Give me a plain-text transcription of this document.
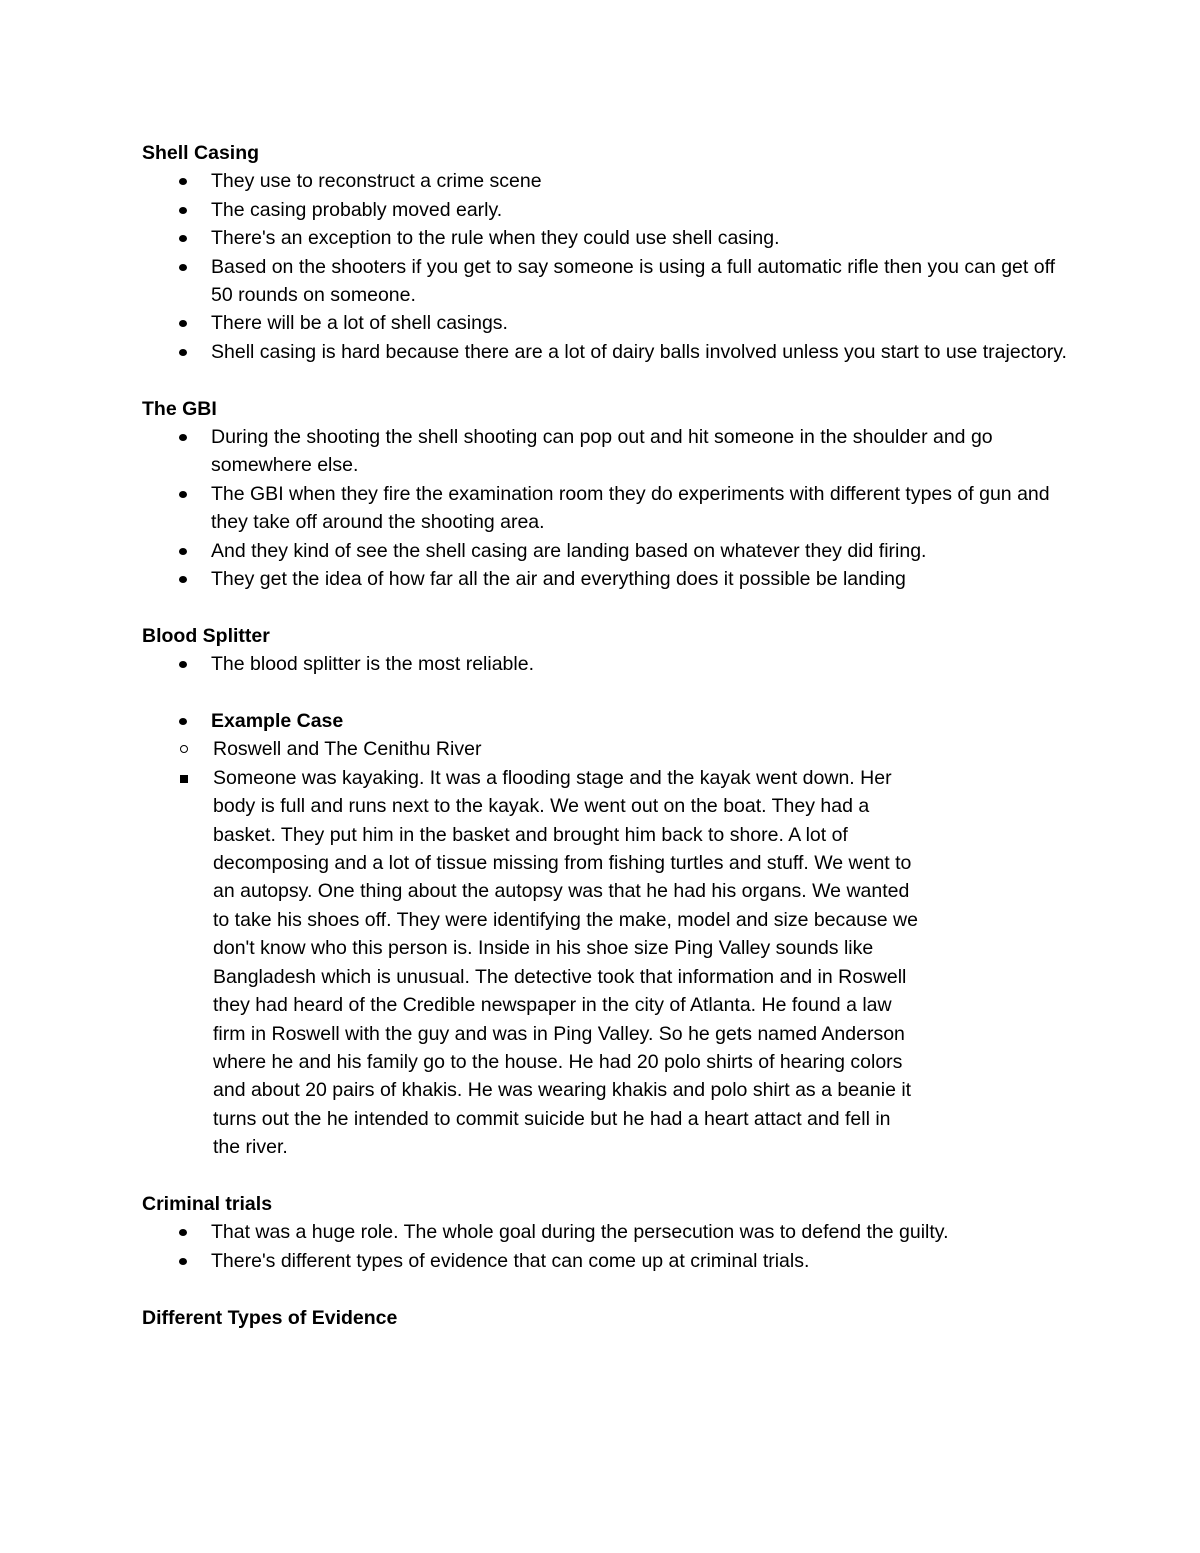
Shell Casing
They use to reconstruct a crime scene
The casing probably moved early.
There's an exception to the rule when they could use shell casing.
Based on the shooters if you get to say someone is using a full automatic rifle then you can get off 50 rounds on someone.
There will be a lot of shell casings.
Shell casing is hard because there are a lot of dairy balls involved unless you start to use trajectory.
The GBI
During the shooting the shell shooting can pop out and hit someone in the shoulder and go somewhere else.
The GBI when they fire the examination room they do experiments with different types of gun and they take off around the shooting area.
And they kind of see the shell casing are landing based on whatever they did firing.
They get the idea of how far all the air and everything does it possible be landing
Blood Splitter
The blood splitter is the most reliable.
Example Case
Roswell and The Cenithu River
Someone was kayaking. It was a flooding stage and the kayak went down. Her body is full and runs next to the kayak. We went out on the boat. They had a basket. They put him in the basket and brought him back to shore. A lot of decomposing and a lot of tissue missing from fishing turtles and stuff. We went to an autopsy. One thing about the autopsy was that he had his organs. We wanted to take his shoes off. They were identifying the make, model and size because we don't know who this person is. Inside in his shoe size Ping Valley sounds like Bangladesh which is unusual. The detective took that information and in Roswell they had heard of the Credible newspaper in the city of Atlanta. He found a law firm in Roswell with the guy and was in Ping Valley. So he gets named Anderson where he and his family go to the house. He had 20 polo shirts of hearing colors and about 20 pairs of khakis. He was wearing khakis and polo shirt as a beanie it turns out the he intended to commit suicide but he had a heart attact and fell in the river.
Criminal trials
That was a huge role. The whole goal during the persecution was to defend the guilty.
There's different types of evidence that can come up at criminal trials.
Different Types of Evidence
